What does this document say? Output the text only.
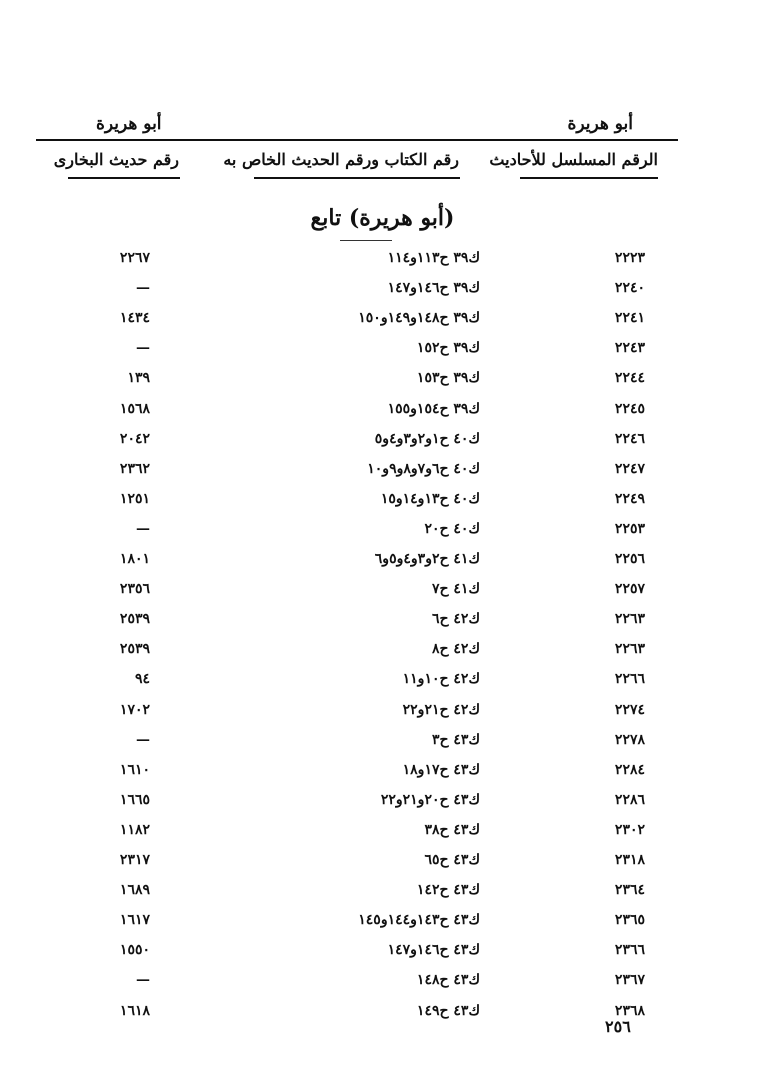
أبو هريرة
أبو هريرة
الرقم المسلسل للأحاديث
رقم الكتاب ورقم الحديث الخاص به
رقم حديث البخارى
(أبو هريرة) تابع
٢٢٢٣
ك٣٩ ح١١٣و١١٤
٢٢٦٧
٢٢٤٠
ك٣٩ ح١٤٦و١٤٧
—
٢٢٤١
ك٣٩ ح١٤٨و١٤٩و١٥٠
١٤٣٤
٢٢٤٣
ك٣٩ ح١٥٢
—
٢٢٤٤
ك٣٩ ح١٥٣
١٣٩
٢٢٤٥
ك٣٩ ح١٥٤و١٥٥
١٥٦٨
٢٢٤٦
ك٤٠ ح١و٢و٣و٤و٥
٢٠٤٢
٢٢٤٧
ك٤٠ ح٦و٧و٨و٩و١٠
٢٣٦٢
٢٢٤٩
ك٤٠ ح١٣و١٤و١٥
١٢٥١
٢٢٥٣
ك٤٠ ح٢٠
—
٢٢٥٦
ك٤١ ح٢و٣و٤و٥و٦
١٨٠١
٢٢٥٧
ك٤١ ح٧
٢٣٥٦
٢٢٦٣
ك٤٢ ح٦
٢٥٣٩
٢٢٦٣
ك٤٢ ح٨
٢٥٣٩
٢٢٦٦
ك٤٢ ح١٠و١١
٩٤
٢٢٧٤
ك٤٢ ح٢١و٢٢
١٧٠٢
٢٢٧٨
ك٤٣ ح٣
—
٢٢٨٤
ك٤٣ ح١٧و١٨
١٦١٠
٢٢٨٦
ك٤٣ ح٢٠و٢١و٢٢
١٦٦٥
٢٣٠٢
ك٤٣ ح٣٨
١١٨٢
٢٣١٨
ك٤٣ ح٦٥
٢٣١٧
٢٣٦٤
ك٤٣ ح١٤٢
١٦٨٩
٢٣٦٥
ك٤٣ ح١٤٣و١٤٤و١٤٥
١٦١٧
٢٣٦٦
ك٤٣ ح١٤٦و١٤٧
١٥٥٠
٢٣٦٧
ك٤٣ ح١٤٨
—
٢٣٦٨
ك٤٣ ح١٤٩
١٦١٨
٢٥٦
